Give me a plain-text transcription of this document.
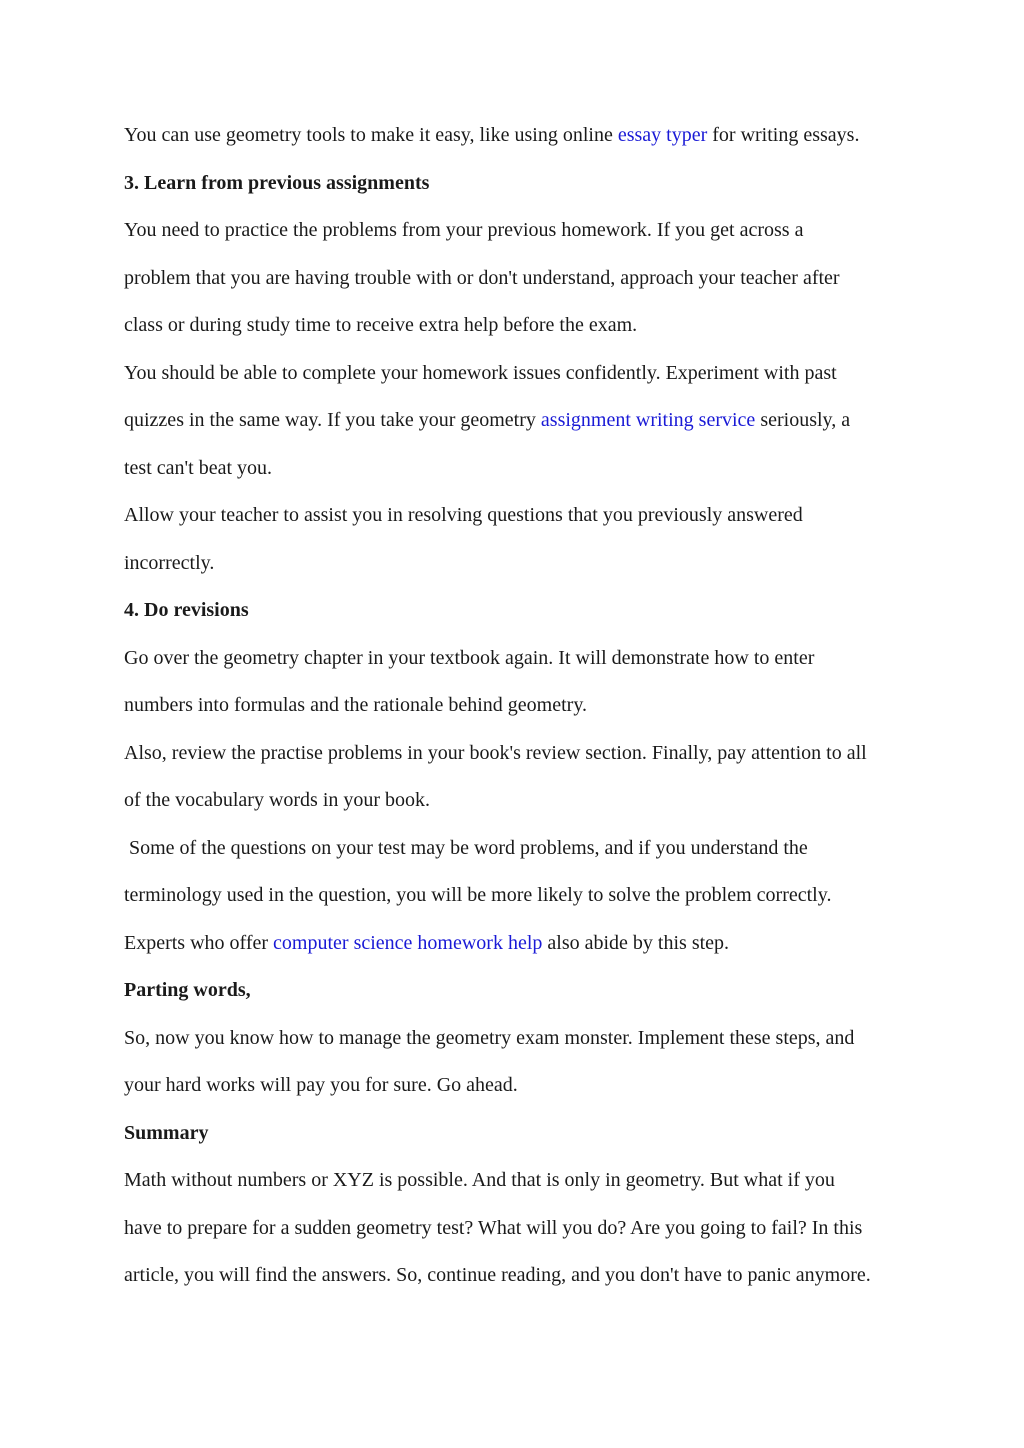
You can use geometry tools to make it easy, like using online essay typer for writing essays.
3. Learn from previous assignments
You need to practice the problems from your previous homework. If you get across a
problem that you are having trouble with or don't understand, approach your teacher after
class or during study time to receive extra help before the exam.
You should be able to complete your homework issues confidently. Experiment with past
quizzes in the same way. If you take your geometry assignment writing service seriously, a
test can't beat you.
Allow your teacher to assist you in resolving questions that you previously answered
incorrectly.
4. Do revisions
Go over the geometry chapter in your textbook again. It will demonstrate how to enter
numbers into formulas and the rationale behind geometry.
Also, review the practise problems in your book's review section. Finally, pay attention to all
of the vocabulary words in your book.
Some of the questions on your test may be word problems, and if you understand the
terminology used in the question, you will be more likely to solve the problem correctly.
Experts who offer computer science homework help also abide by this step.
Parting words,
So, now you know how to manage the geometry exam monster. Implement these steps, and
your hard works will pay you for sure. Go ahead.
Summary
Math without numbers or XYZ is possible. And that is only in geometry. But what if you
have to prepare for a sudden geometry test? What will you do? Are you going to fail? In this
article, you will find the answers. So, continue reading, and you don't have to panic anymore.
